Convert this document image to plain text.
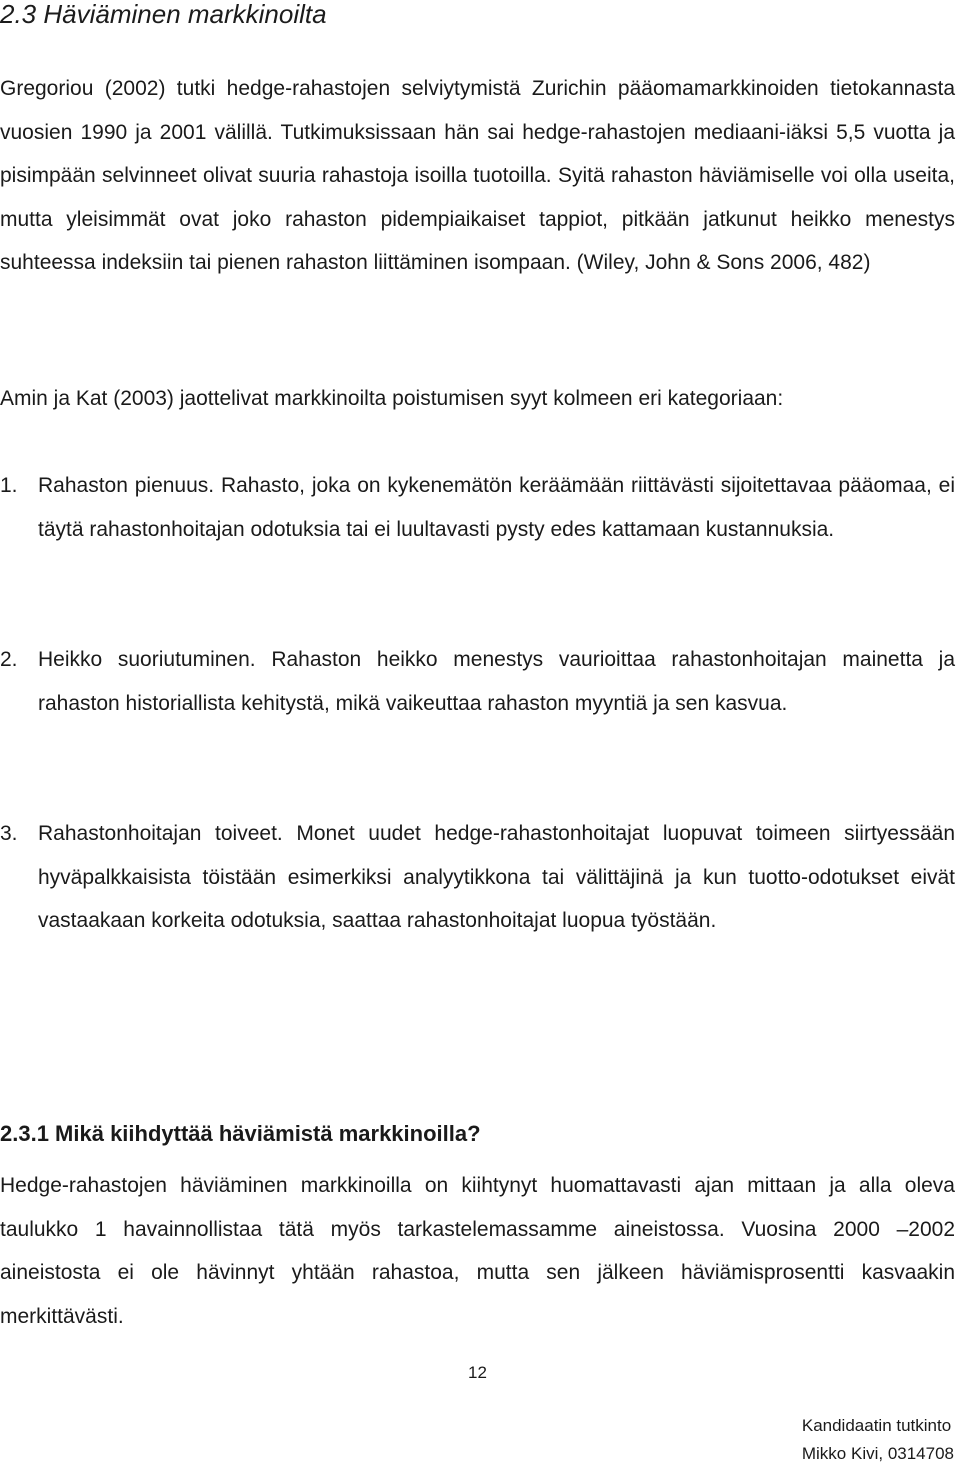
2.3 Häviäminen markkinoilta

Gregoriou (2002) tutki hedge-rahastojen selviytymistä Zurichin pääomamarkkinoiden tietokannasta vuosien 1990 ja 2001 välillä. Tutkimuksissaan hän sai hedge-rahastojen mediaani-iäksi 5,5 vuotta ja pisimpään selvinneet olivat suuria rahastoja isoilla tuotoilla. Syitä rahaston häviämiselle voi olla useita, mutta yleisimmät ovat joko rahaston pidempiaikaiset tappiot, pitkään jatkunut heikko menestys suhteessa indeksiin tai pienen rahaston liittäminen isompaan. (Wiley, John & Sons 2006, 482)

Amin ja Kat (2003) jaottelivat markkinoilta poistumisen syyt kolmeen eri kategoriaan:

1. Rahaston pienuus. Rahasto, joka on kykenemätön keräämään riittävästi sijoitettavaa pääomaa, ei täytä rahastonhoitajan odotuksia tai ei luultavasti pysty edes kattamaan kustannuksia.
2. Heikko suoriutuminen. Rahaston heikko menestys vaurioittaa rahastonhoitajan mainetta ja rahaston historiallista kehitystä, mikä vaikeuttaa rahaston myyntiä ja sen kasvua.
3. Rahastonhoitajan toiveet. Monet uudet hedge-rahastonhoitajat luopuvat toimeen siirtyessään hyväpalkkaisista töistään esimerkiksi analyytikkona tai välittäjinä ja kun tuotto-odotukset eivät vastaakaan korkeita odotuksia, saattaa rahastonhoitajat luopua työstään.
2.3.1 Mikä kiihdyttää häviämistä markkinoilla?

Hedge-rahastojen häviäminen markkinoilla on kiihtynyt huomattavasti ajan mittaan ja alla oleva taulukko 1 havainnollistaa tätä myös tarkastelemassamme aineistossa. Vuosina 2000 –2002 aineistosta ei ole hävinnyt yhtään rahastoa, mutta sen jälkeen häviämisprosentti kasvaakin merkittävästi.

12
Kandidaatin tutkinto
Mikko Kivi, 0314708
